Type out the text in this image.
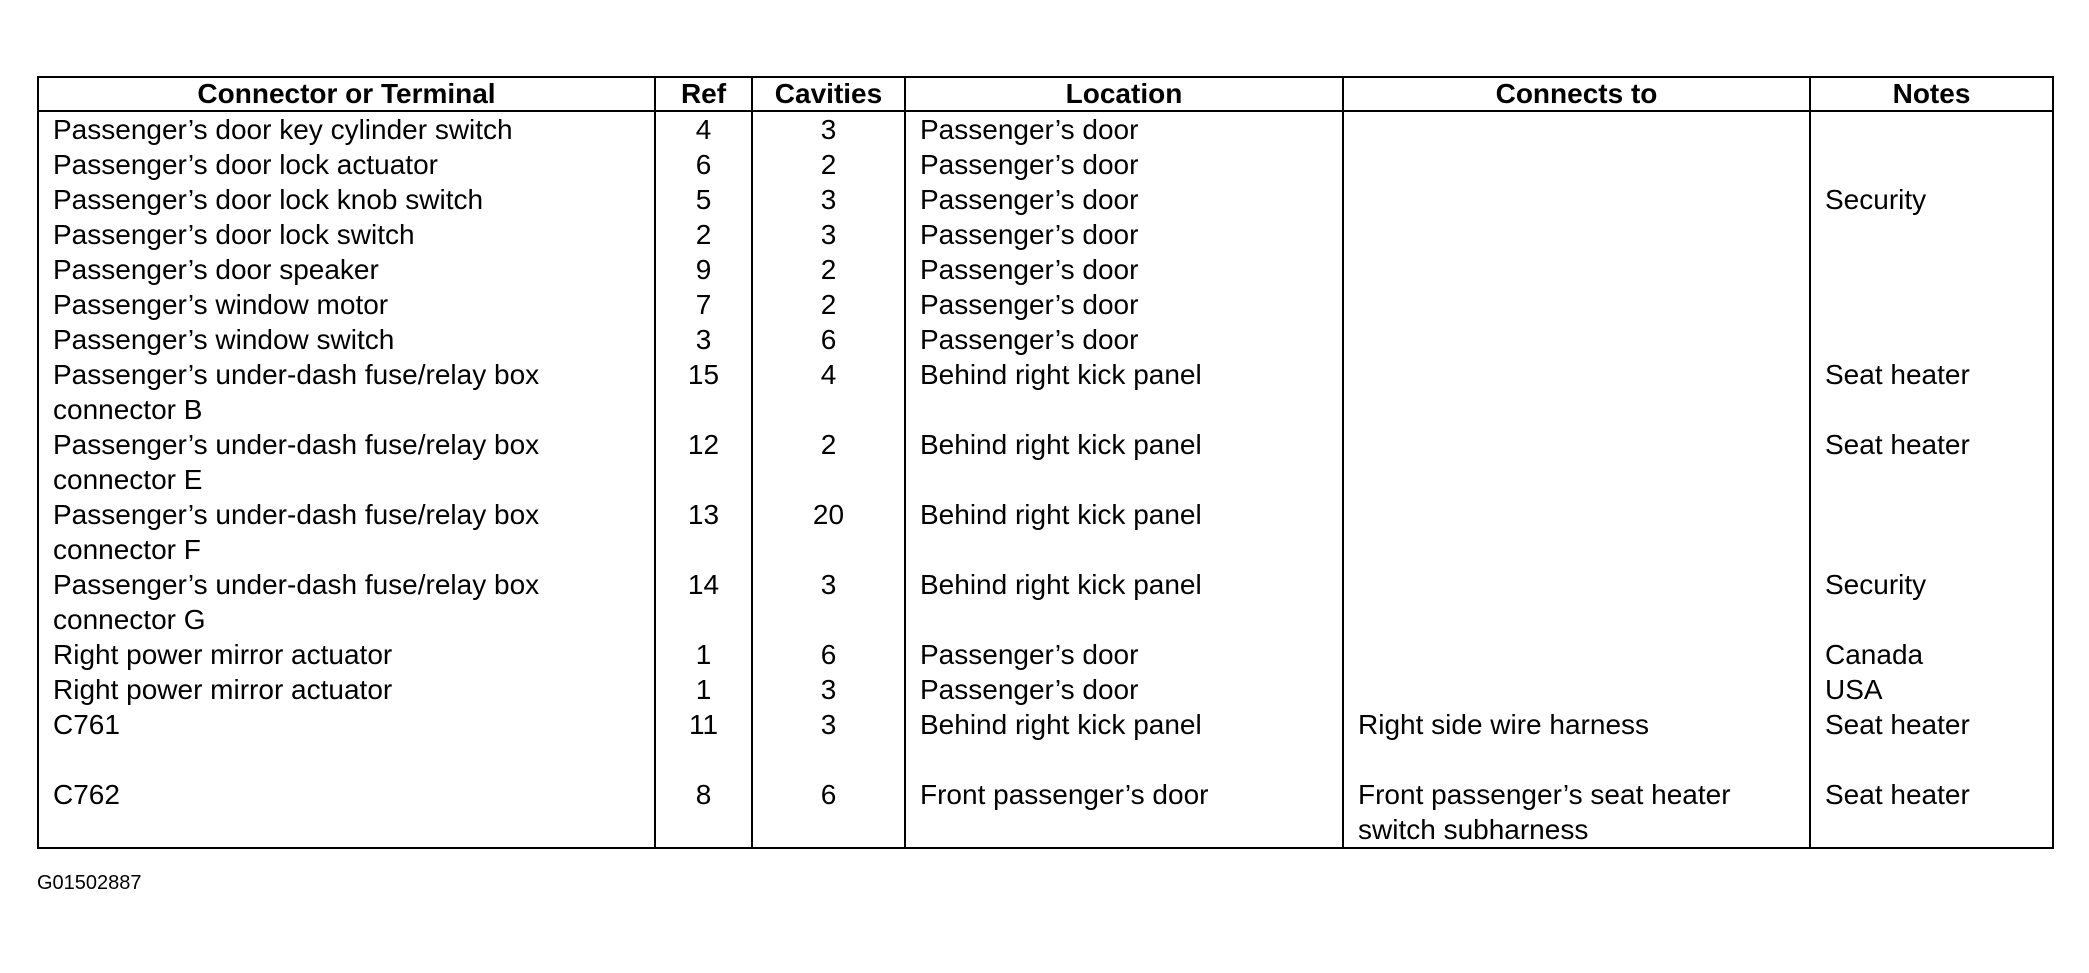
Connector or Terminal	Ref	Cavities	Location	Connects to	Notes
Passenger’s door key cylinder switch	4	3	Passenger’s door		
Passenger’s door lock actuator	6	2	Passenger’s door		
Passenger’s door lock knob switch	5	3	Passenger’s door		Security
Passenger’s door lock switch	2	3	Passenger’s door		
Passenger’s door speaker	9	2	Passenger’s door		
Passenger’s window motor	7	2	Passenger’s door		
Passenger’s window switch	3	6	Passenger’s door		
Passenger’s under-dash fuse/relay box connector B	15	4	Behind right kick panel		Seat heater
Passenger’s under-dash fuse/relay box connector E	12	2	Behind right kick panel		Seat heater
Passenger’s under-dash fuse/relay box connector F	13	20	Behind right kick panel		
Passenger’s under-dash fuse/relay box connector G	14	3	Behind right kick panel		Security
Right power mirror actuator	1	6	Passenger’s door		Canada
Right power mirror actuator	1	3	Passenger’s door		USA
C761	11	3	Behind right kick panel	Right side wire harness	Seat heater
C762	8	6	Front passenger’s door	Front passenger’s seat heater switch subharness	Seat heater
G01502887
